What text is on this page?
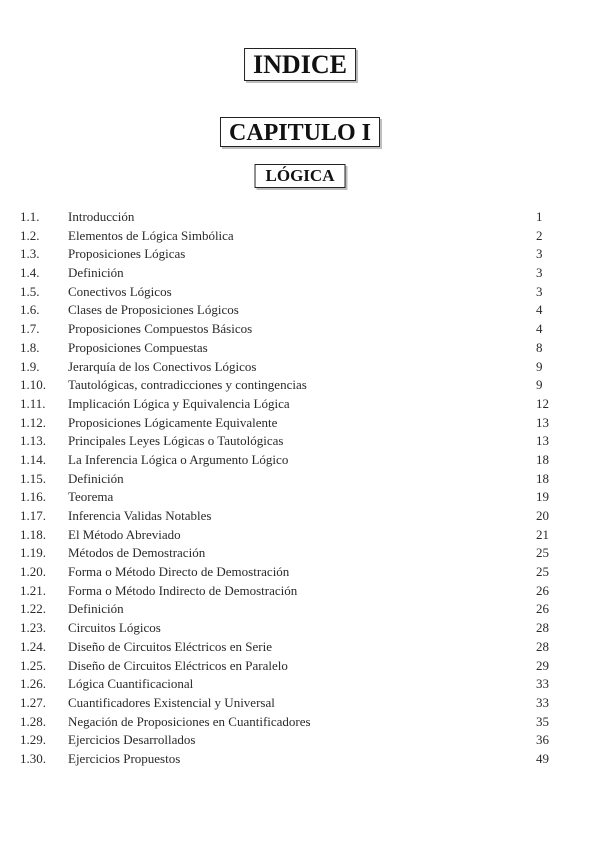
INDICE
CAPITULO I
LÓGICA
1.1. Introducción	1
1.2. Elementos de Lógica Simbólica	2
1.3. Proposiciones Lógicas	3
1.4. Definición	3
1.5. Conectivos Lógicos	3
1.6. Clases de Proposiciones Lógicos	4
1.7. Proposiciones Compuestos Básicos	4
1.8. Proposiciones Compuestas	8
1.9. Jerarquía de los Conectivos Lógicos	9
1.10. Tautológicas, contradicciones y contingencias	9
1.11. Implicación Lógica y Equivalencia Lógica	12
1.12. Proposiciones Lógicamente Equivalente	13
1.13. Principales Leyes Lógicas o Tautológicas	13
1.14. La Inferencia Lógica o Argumento Lógico	18
1.15. Definición	18
1.16. Teorema	19
1.17. Inferencia Validas Notables	20
1.18. El Método Abreviado	21
1.19. Métodos de Demostración	25
1.20. Forma o Método Directo de Demostración	25
1.21. Forma o Método Indirecto de Demostración	26
1.22. Definición	26
1.23. Circuitos Lógicos	28
1.24. Diseño de Circuitos Eléctricos en Serie	28
1.25. Diseño de Circuitos Eléctricos en Paralelo	29
1.26. Lógica Cuantificacional	33
1.27. Cuantificadores Existencial y Universal	33
1.28. Negación de Proposiciones en Cuantificadores	35
1.29. Ejercicios Desarrollados	36
1.30. Ejercicios Propuestos	49
